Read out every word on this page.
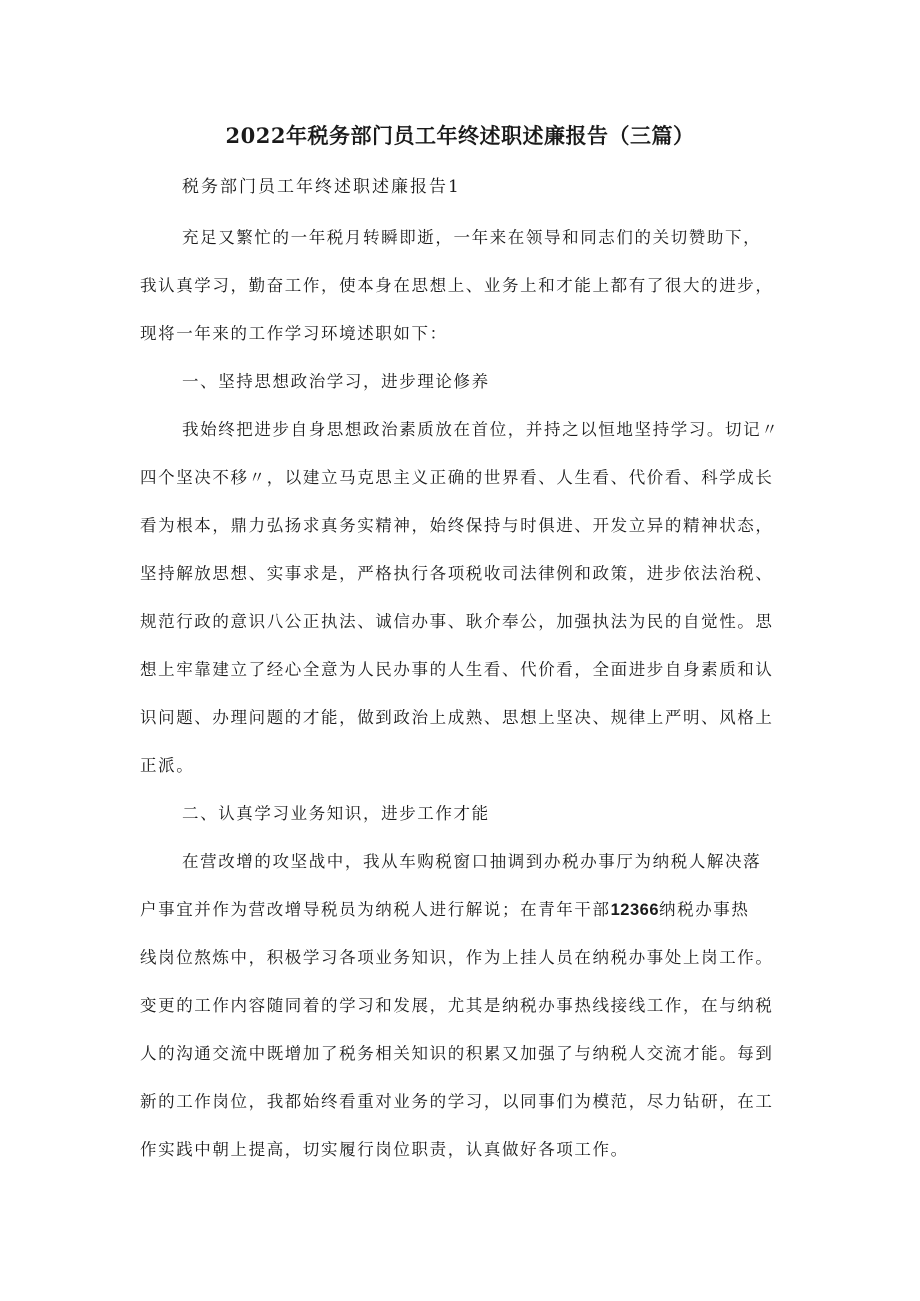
2022年税务部门员工年终述职述廉报告（三篇）
税务部门员工年终述职述廉报告1
充足又繁忙的一年税月转瞬即逝，一年来在领导和同志们的关切赞助下，
我认真学习，勤奋工作，使本身在思想上、业务上和才能上都有了很大的进步，
现将一年来的工作学习环境述职如下：
一、坚持思想政治学习，进步理论修养
我始终把进步自身思想政治素质放在首位，并持之以恒地坚持学习。切记〃
四个坚决不移〃，以建立马克思主义正确的世界看、人生看、代价看、科学成长
看为根本，鼎力弘扬求真务实精神，始终保持与时俱进、开发立异的精神状态，
坚持解放思想、实事求是，严格执行各项税收司法律例和政策，进步依法治税、
规范行政的意识八公正执法、诚信办事、耿介奉公，加强执法为民的自觉性。思
想上牢靠建立了经心全意为人民办事的人生看、代价看，全面进步自身素质和认
识问题、办理问题的才能，做到政治上成熟、思想上坚决、规律上严明、风格上
正派。
二、认真学习业务知识，进步工作才能
在营改增的攻坚战中，我从车购税窗口抽调到办税办事厅为纳税人解决落
户事宜并作为营改增导税员为纳税人进行解说；在青年干部12366纳税办事热
线岗位熬炼中，积极学习各项业务知识，作为上挂人员在纳税办事处上岗工作。
变更的工作内容随同着的学习和发展，尤其是纳税办事热线接线工作，在与纳税
人的沟通交流中既增加了税务相关知识的积累又加强了与纳税人交流才能。每到
新的工作岗位，我都始终看重对业务的学习，以同事们为模范，尽力钻研，在工
作实践中朝上提高，切实履行岗位职责，认真做好各项工作。
